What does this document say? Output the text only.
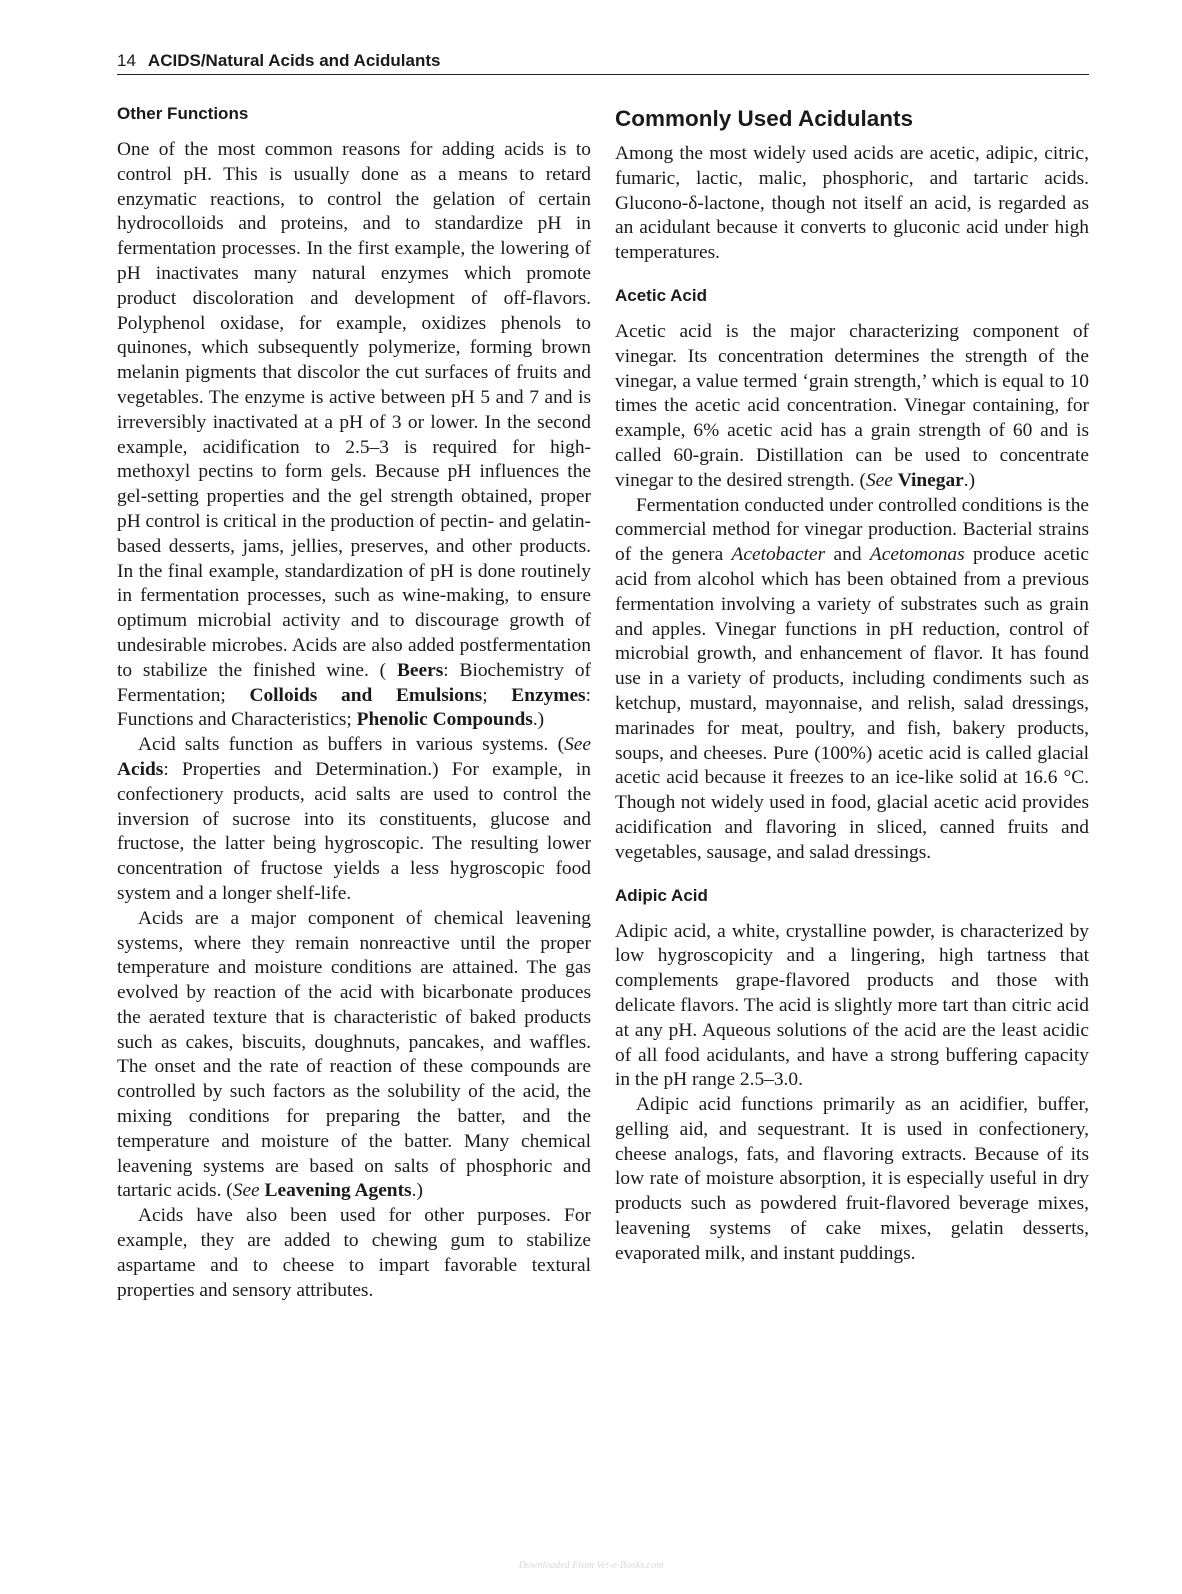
14 ACIDS/Natural Acids and Acidulants
Other Functions

One of the most common reasons for adding acids is to control pH. This is usually done as a means to retard enzymatic reactions, to control the gelation of certain hydrocolloids and proteins, and to standardize pH in fermentation processes. In the first example, the lowering of pH inactivates many natural enzymes which promote product discoloration and development of off-flavors. Polyphenol oxidase, for example, oxidizes phenols to quinones, which subsequently polymerize, forming brown melanin pigments that discolor the cut surfaces of fruits and vegetables. The enzyme is active between pH 5 and 7 and is irreversibly inactivated at a pH of 3 or lower. In the second example, acidification to 2.5–3 is required for high-methoxyl pectins to form gels. Because pH influences the gel-setting properties and the gel strength obtained, proper pH control is critical in the production of pectin- and gelatin-based desserts, jams, jellies, preserves, and other products. In the final example, standardization of pH is done routinely in fermentation processes, such as wine-making, to ensure optimum microbial activity and to discourage growth of undesirable microbes. Acids are also added postfermentation to stabilize the finished wine. ( Beers: Biochemistry of Fermentation; Colloids and Emulsions; Enzymes: Functions and Characteristics; Phenolic Compounds.)

Acid salts function as buffers in various systems. (See Acids: Properties and Determination.) For example, in confectionery products, acid salts are used to control the inversion of sucrose into its constituents, glucose and fructose, the latter being hygroscopic. The resulting lower concentration of fructose yields a less hygroscopic food system and a longer shelf-life.

Acids are a major component of chemical leavening systems, where they remain nonreactive until the proper temperature and moisture conditions are attained. The gas evolved by reaction of the acid with bicarbonate produces the aerated texture that is characteristic of baked products such as cakes, biscuits, doughnuts, pancakes, and waffles. The onset and the rate of reaction of these compounds are controlled by such factors as the solubility of the acid, the mixing conditions for preparing the batter, and the temperature and moisture of the batter. Many chemical leavening systems are based on salts of phosphoric and tartaric acids. (See Leavening Agents.)

Acids have also been used for other purposes. For example, they are added to chewing gum to stabilize aspartame and to cheese to impart favorable textural properties and sensory attributes.

Commonly Used Acidulants

Among the most widely used acids are acetic, adipic, citric, fumaric, lactic, malic, phosphoric, and tartaric acids. Glucono-δ-lactone, though not itself an acid, is regarded as an acidulant because it converts to gluconic acid under high temperatures.

Acetic Acid

Acetic acid is the major characterizing component of vinegar. Its concentration determines the strength of the vinegar, a value termed ‘grain strength,’ which is equal to 10 times the acetic acid concentration. Vinegar containing, for example, 6% acetic acid has a grain strength of 60 and is called 60-grain. Distillation can be used to concentrate vinegar to the desired strength. (See Vinegar.)

Fermentation conducted under controlled conditions is the commercial method for vinegar production. Bacterial strains of the genera Acetobacter and Acetomonas produce acetic acid from alcohol which has been obtained from a previous fermentation involving a variety of substrates such as grain and apples. Vinegar functions in pH reduction, control of microbial growth, and enhancement of flavor. It has found use in a variety of products, including condiments such as ketchup, mustard, mayonnaise, and relish, salad dressings, marinades for meat, poultry, and fish, bakery products, soups, and cheeses. Pure (100%) acetic acid is called glacial acetic acid because it freezes to an ice-like solid at 16.6 °C. Though not widely used in food, glacial acetic acid provides acidification and flavoring in sliced, canned fruits and vegetables, sausage, and salad dressings.

Adipic Acid

Adipic acid, a white, crystalline powder, is characterized by low hygroscopicity and a lingering, high tartness that complements grape-flavored products and those with delicate flavors. The acid is slightly more tart than citric acid at any pH. Aqueous solutions of the acid are the least acidic of all food acidulants, and have a strong buffering capacity in the pH range 2.5–3.0.

Adipic acid functions primarily as an acidifier, buffer, gelling aid, and sequestrant. It is used in confectionery, cheese analogs, fats, and flavoring extracts. Because of its low rate of moisture absorption, it is especially useful in dry products such as powdered fruit-flavored beverage mixes, leavening systems of cake mixes, gelatin desserts, evaporated milk, and instant puddings.

Downloaded From Vet-e-Books.com
